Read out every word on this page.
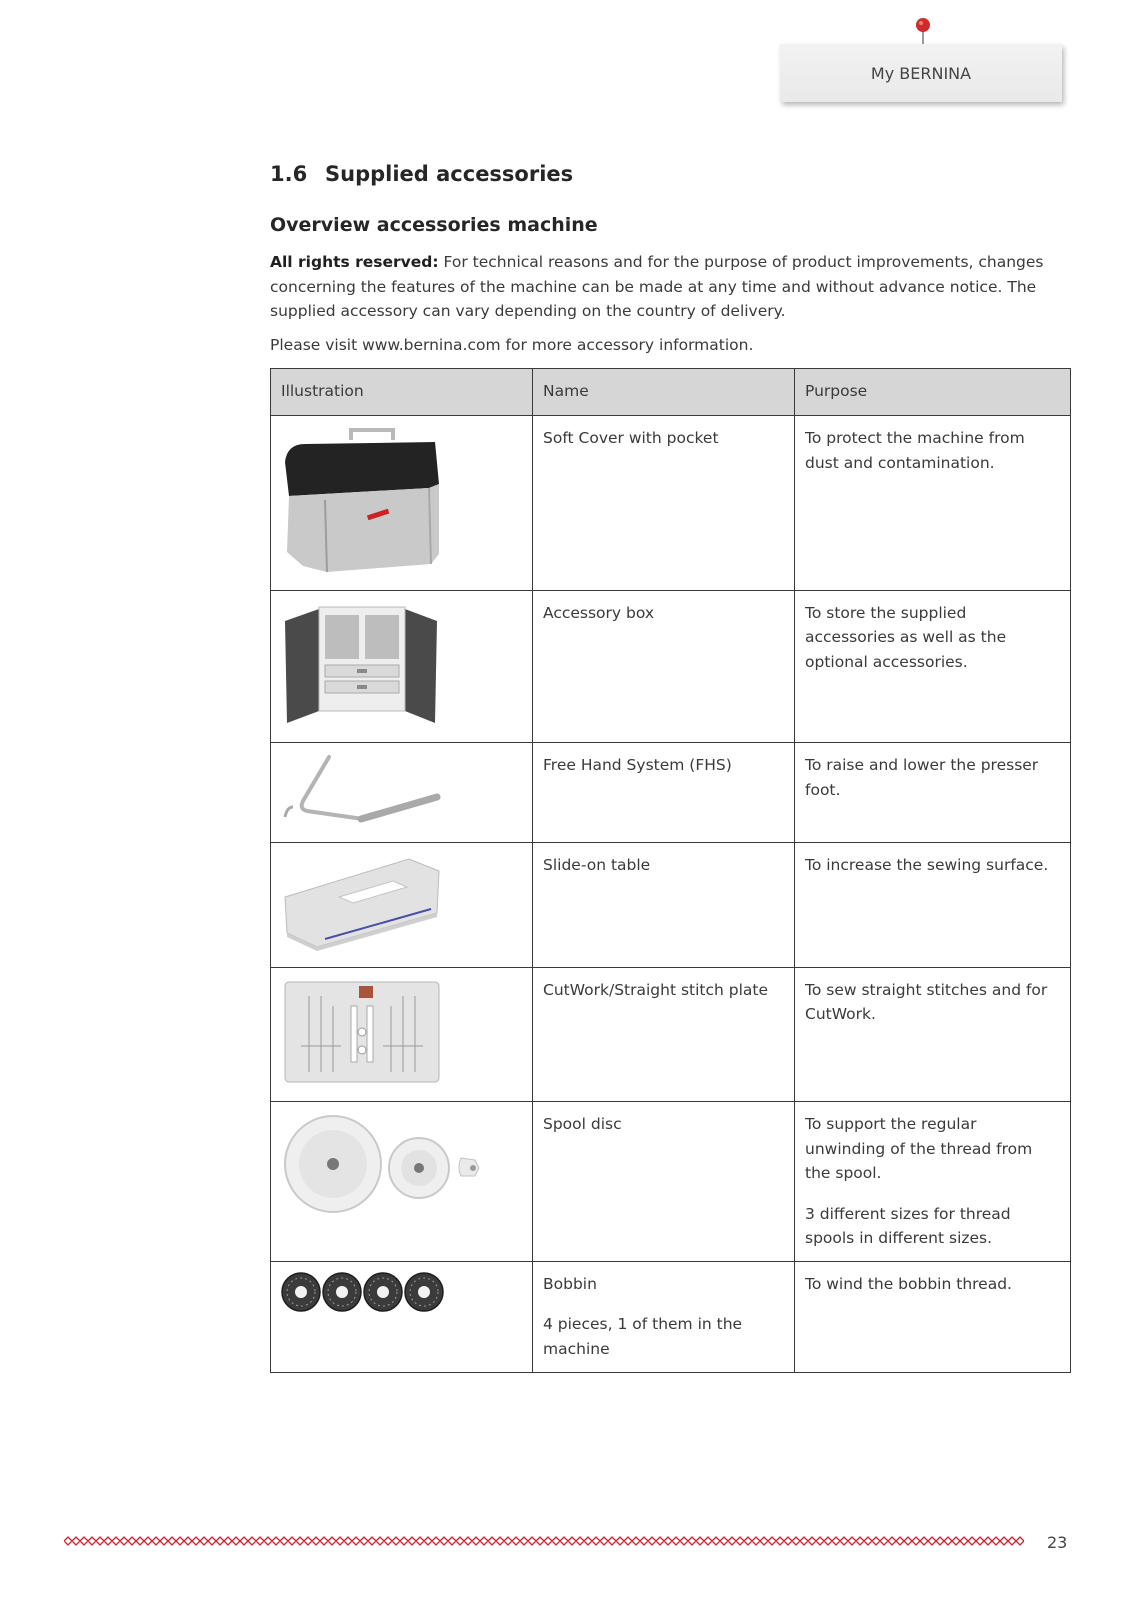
My BERNINA
1.6 Supplied accessories
Overview accessories machine

All rights reserved: For technical reasons and for the purpose of product improvements, changes concerning the features of the machine can be made at any time and without advance notice. The supplied accessory can vary depending on the country of delivery.

Please visit www.bernina.com for more accessory information.

Illustration	Name	Purpose

Soft Cover with pocket	To protect the machine from dust and contamination.

Accessory box	To store the supplied accessories as well as the optional accessories.

Free Hand System (FHS)	To raise and lower the presser foot.

Slide-on table	To increase the sewing surface.

CutWork/Straight stitch plate	To sew straight stitches and for CutWork.

Spool disc	To support the regular unwinding of the thread from the spool.

3 different sizes for thread spools in different sizes.

Bobbin

4 pieces, 1 of them in the machine	To wind the bobbin thread.

23
